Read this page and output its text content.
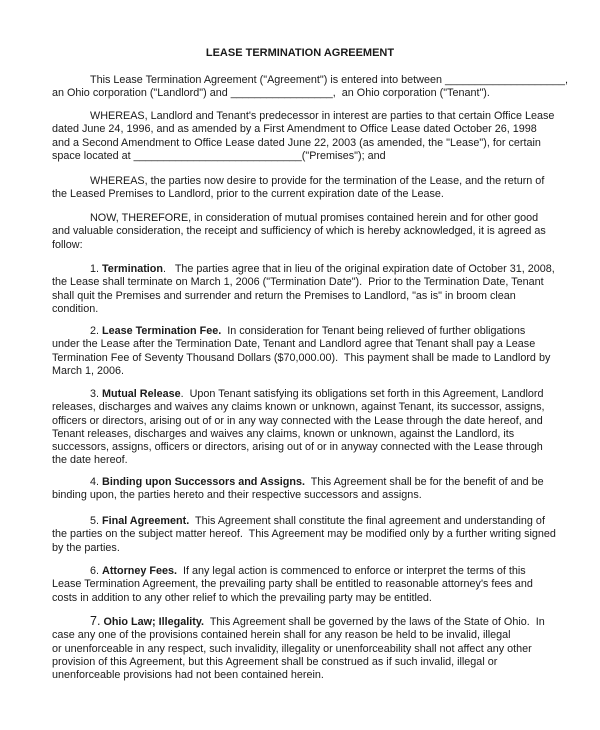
LEASE TERMINATION AGREEMENT
This Lease Termination Agreement ("Agreement") is entered into between ____________________,
an Ohio corporation ("Landlord") and _________________,  an Ohio corporation ("Tenant").
WHEREAS, Landlord and Tenant's predecessor in interest are parties to that certain Office Lease
dated June 24, 1996, and as amended by a First Amendment to Office Lease dated October 26, 1998
and a Second Amendment to Office Lease dated June 22, 2003 (as amended, the "Lease"), for certain
space located at ____________________________("Premises"); and
WHEREAS, the parties now desire to provide for the termination of the Lease, and the return of
the Leased Premises to Landlord, prior to the current expiration date of the Lease.
NOW, THEREFORE, in consideration of mutual promises contained herein and for other good
and valuable consideration, the receipt and sufficiency of which is hereby acknowledged, it is agreed as
follow:
1. Termination.   The parties agree that in lieu of the original expiration date of October 31, 2008,
the Lease shall terminate on March 1, 2006 ("Termination Date").  Prior to the Termination Date, Tenant
shall quit the Premises and surrender and return the Premises to Landlord, "as is" in broom clean
condition.
2. Lease Termination Fee.  In consideration for Tenant being relieved of further obligations
under the Lease after the Termination Date, Tenant and Landlord agree that Tenant shall pay a Lease
Termination Fee of Seventy Thousand Dollars ($70,000.00).  This payment shall be made to Landlord by
March 1, 2006.
3. Mutual Release.  Upon Tenant satisfying its obligations set forth in this Agreement, Landlord
releases, discharges and waives any claims known or unknown, against Tenant, its successor, assigns,
officers or directors, arising out of or in any way connected with the Lease through the date hereof, and
Tenant releases, discharges and waives any claims, known or unknown, against the Landlord, its
successors, assigns, officers or directors, arising out of or in anyway connected with the Lease through
the date hereof.
4. Binding upon Successors and Assigns.  This Agreement shall be for the benefit of and be
binding upon, the parties hereto and their respective successors and assigns.
5. Final Agreement.  This Agreement shall constitute the final agreement and understanding of
the parties on the subject matter hereof.  This Agreement may be modified only by a further writing signed
by the parties.
6. Attorney Fees.  If any legal action is commenced to enforce or interpret the terms of this
Lease Termination Agreement, the prevailing party shall be entitled to reasonable attorney's fees and
costs in addition to any other relief to which the prevailing party may be entitled.
7. Ohio Law; Illegality.  This Agreement shall be governed by the laws of the State of Ohio.  In
case any one of the provisions contained herein shall for any reason be held to be invalid, illegal
or unenforceable in any respect, such invalidity, illegality or unenforceability shall not affect any other
provision of this Agreement, but this Agreement shall be construed as if such invalid, illegal or
unenforceable provisions had not been contained herein.
